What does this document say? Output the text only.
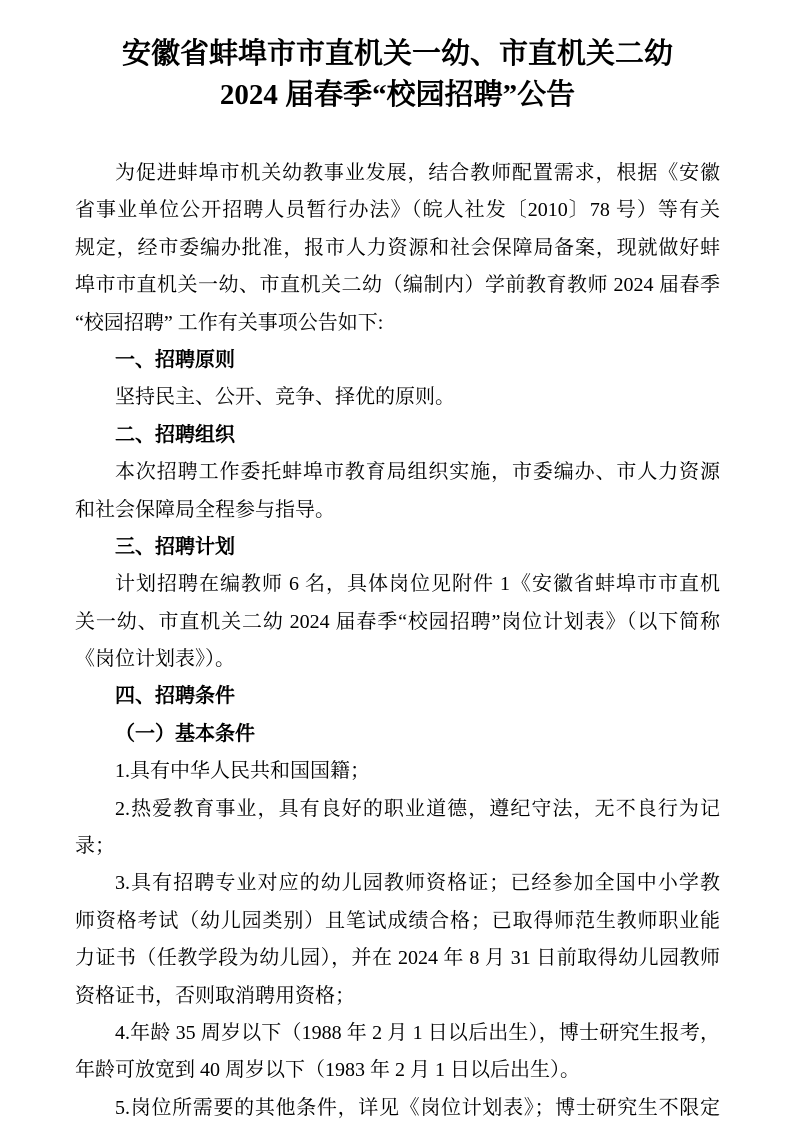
安徽省蚌埠市市直机关一幼、市直机关二幼
2024 届春季“校园招聘”公告
为促进蚌埠市机关幼教事业发展，结合教师配置需求，根据《安徽
省事业单位公开招聘人员暂行办法》（皖人社发〔2010〕78 号）等有关
规定，经市委编办批准，报市人力资源和社会保障局备案，现就做好蚌
埠市市直机关一幼、市直机关二幼（编制内）学前教育教师 2024 届春季
“校园招聘” 工作有关事项公告如下:
一、招聘原则
坚持民主、公开、竞争、择优的原则。
二、招聘组织
本次招聘工作委托蚌埠市教育局组织实施，市委编办、市人力资源
和社会保障局全程参与指导。
三、招聘计划
计划招聘在编教师 6 名，具体岗位见附件 1《安徽省蚌埠市市直机
关一幼、市直机关二幼 2024 届春季“校园招聘”岗位计划表》（以下简称
《岗位计划表》）。
四、招聘条件
（一）基本条件
1.具有中华人民共和国国籍；
2.热爱教育事业，具有良好的职业道德，遵纪守法，无不良行为记
录；
3.具有招聘专业对应的幼儿园教师资格证；已经参加全国中小学教
师资格考试（幼儿园类别）且笔试成绩合格；已取得师范生教师职业能
力证书（任教学段为幼儿园），并在 2024 年 8 月 31 日前取得幼儿园教师
资格证书，否则取消聘用资格；
4.年龄 35 周岁以下（1988 年 2 月 1 日以后出生），博士研究生报考，
年龄可放宽到 40 周岁以下（1983 年 2 月 1 日以后出生）。
5.岗位所需要的其他条件，详见《岗位计划表》；博士研究生不限定
